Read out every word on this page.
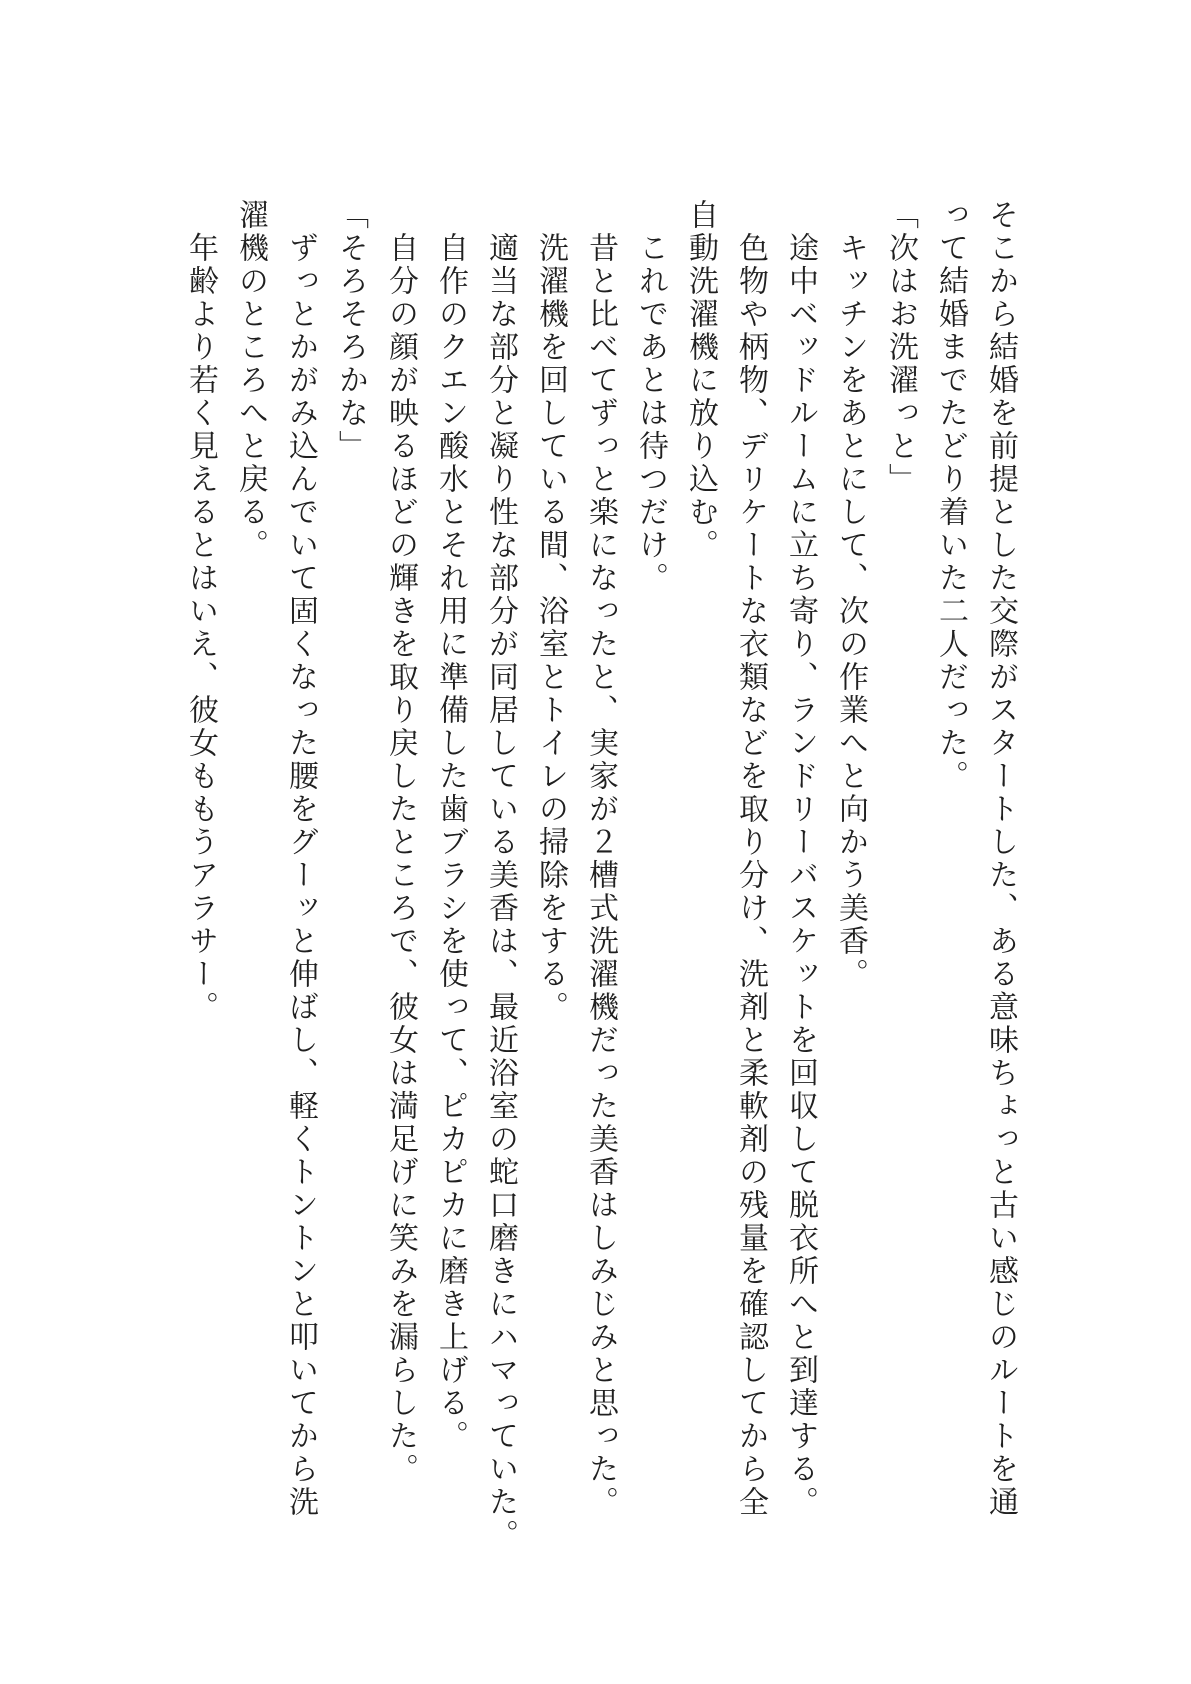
そこから結婚を前提とした交際がスタートした、ある意味ちょっと古い感じのルートを通
って結婚までたどり着いた二人だった。
「次はお洗濯っと」
キッチンをあとにして、次の作業へと向かう美香。
途中ベッドルームに立ち寄り、ランドリーバスケットを回収して脱衣所へと到達する。
色物や柄物、デリケートな衣類などを取り分け、洗剤と柔軟剤の残量を確認してから全
自動洗濯機に放り込む。
これであとは待つだけ。
昔と比べてずっと楽になったと、実家が２槽式洗濯機だった美香はしみじみと思った。
洗濯機を回している間、浴室とトイレの掃除をする。
適当な部分と凝り性な部分が同居している美香は、最近浴室の蛇口磨きにハマっていた。
自作のクエン酸水とそれ用に準備した歯ブラシを使って、ピカピカに磨き上げる。
自分の顔が映るほどの輝きを取り戻したところで、彼女は満足げに笑みを漏らした。
「そろそろかな」
ずっとかがみ込んでいて固くなった腰をグーッと伸ばし、軽くトントンと叩いてから洗
濯機のところへと戻る。
年齢より若く見えるとはいえ、彼女ももうアラサー。
